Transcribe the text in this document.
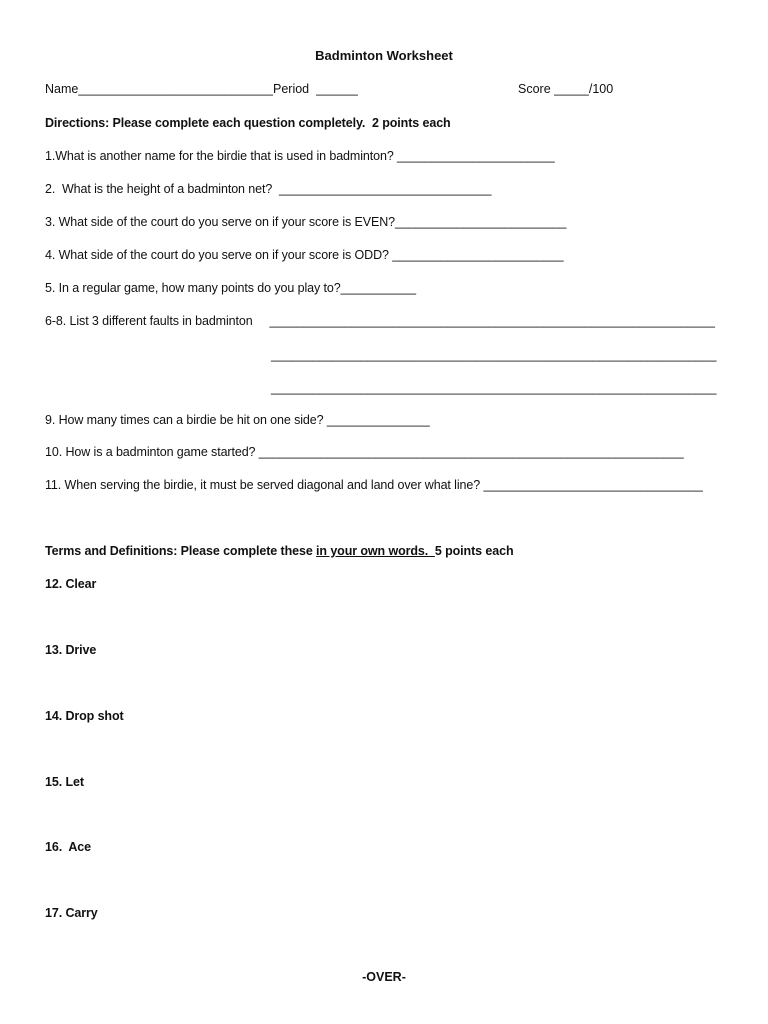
Badminton Worksheet
Name____________________________Period  ______	Score _____/100
Directions: Please complete each question completely.  2 points each
1.What is another name for the birdie that is used in badminton? _______________________
2.  What is the height of a badminton net?  _______________________________
3. What side of the court do you serve on if your score is EVEN?_________________________
4. What side of the court do you serve on if your score is ODD? _________________________
5. In a regular game, how many points do you play to?___________
6-8. List 3 different faults in badminton     _________________________________________________________________
_________________________________________________________________
_________________________________________________________________
9. How many times can a birdie be hit on one side? _______________
10. How is a badminton game started? ______________________________________________________________
11. When serving the birdie, it must be served diagonal and land over what line? ________________________________
Terms and Definitions: Please complete these in your own words.  5 points each
12. Clear
13. Drive
14. Drop shot
15. Let
16.  Ace
17. Carry
-OVER-
